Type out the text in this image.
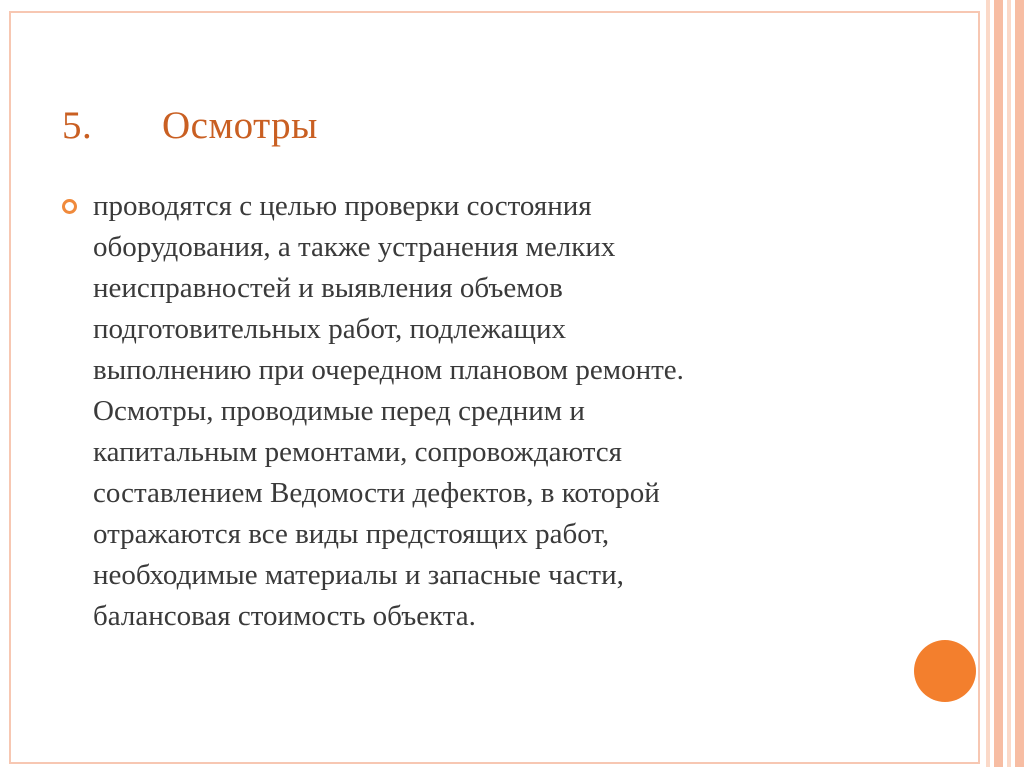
5. Осмотры
проводятся с целью проверки состояния
оборудования, а также устранения мелких
неисправностей и выявления объемов
подготовительных работ, подлежащих
выполнению при очередном плановом ремонте.
Осмотры, проводимые перед средним и
капитальным ремонтами, сопровождаются
составлением Ведомости дефектов, в которой
отражаются все виды предстоящих работ,
необходимые материалы и запасные части,
балансовая стоимость объекта.
